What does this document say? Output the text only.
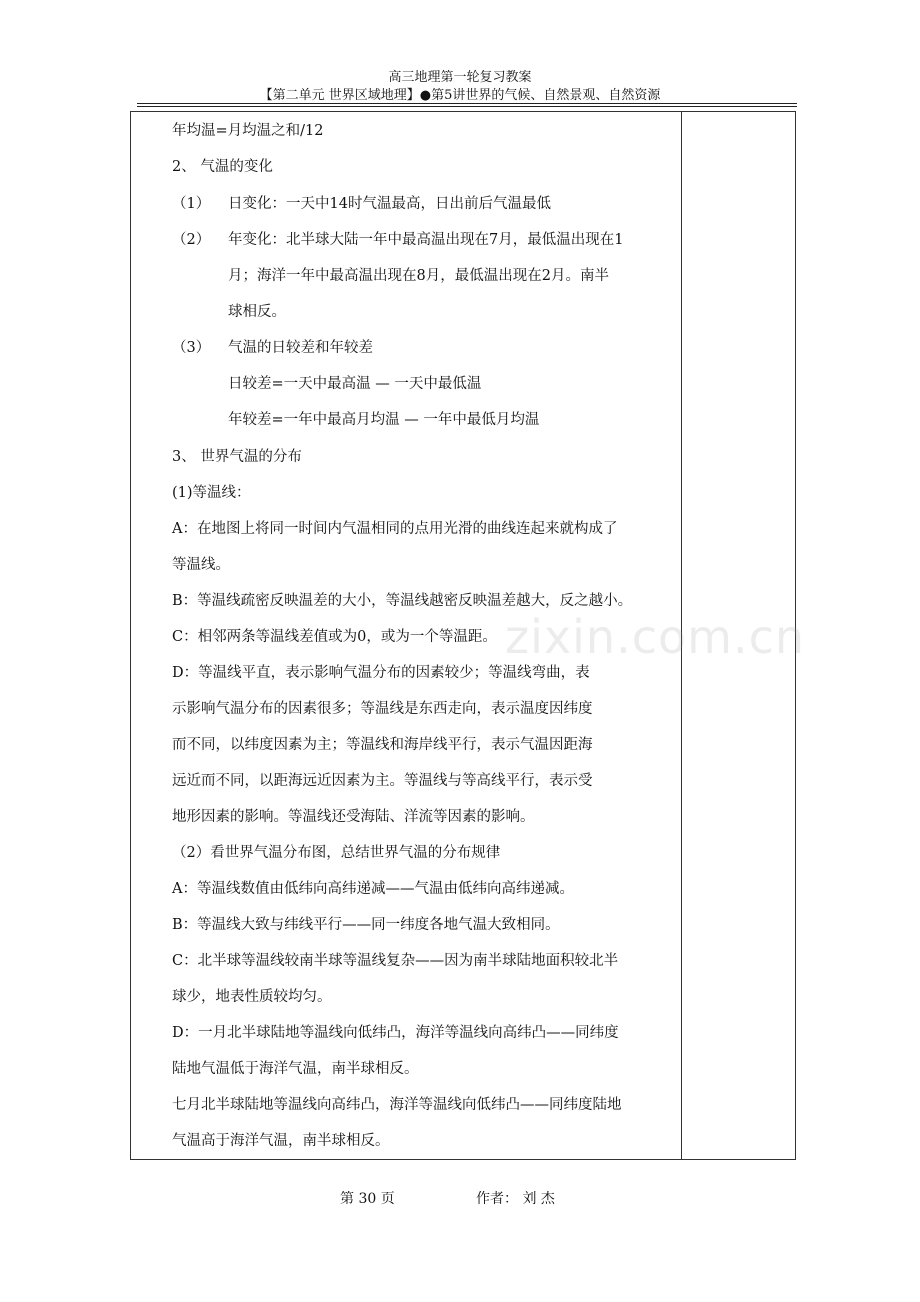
高三地理第一轮复习教案
【第二单元 世界区域地理】●第5讲世界的气候、自然景观、自然资源
年均温=月均温之和/12
2、 气温的变化
（1） 日变化：一天中14时气温最高，日出前后气温最低
（2） 年变化：北半球大陆一年中最高温出现在7月，最低温出现在1
月；海洋一年中最高温出现在8月，最低温出现在2月。南半
球相反。
（3） 气温的日较差和年较差
日较差=一天中最高温 — 一天中最低温
年较差=一年中最高月均温 — 一年中最低月均温
3、 世界气温的分布
(1)等温线：
A：在地图上将同一时间内气温相同的点用光滑的曲线连起来就构成了
等温线。
B：等温线疏密反映温差的大小，等温线越密反映温差越大，反之越小。
C：相邻两条等温线差值或为0，或为一个等温距。
D：等温线平直，表示影响气温分布的因素较少；等温线弯曲，表
示影响气温分布的因素很多；等温线是东西走向，表示温度因纬度
而不同，以纬度因素为主；等温线和海岸线平行，表示气温因距海
远近而不同，以距海远近因素为主。等温线与等高线平行，表示受
地形因素的影响。等温线还受海陆、洋流等因素的影响。
（2）看世界气温分布图，总结世界气温的分布规律
A：等温线数值由低纬向高纬递减——气温由低纬向高纬递减。
B：等温线大致与纬线平行——同一纬度各地气温大致相同。
C：北半球等温线较南半球等温线复杂——因为南半球陆地面积较北半
球少，地表性质较均匀。
D：一月北半球陆地等温线向低纬凸，海洋等温线向高纬凸——同纬度
陆地气温低于海洋气温，南半球相反。
七月北半球陆地等温线向高纬凸，海洋等温线向低纬凸——同纬度陆地
气温高于海洋气温，南半球相反。
zixin.com.cn
第 30 页	作者： 刘 杰
